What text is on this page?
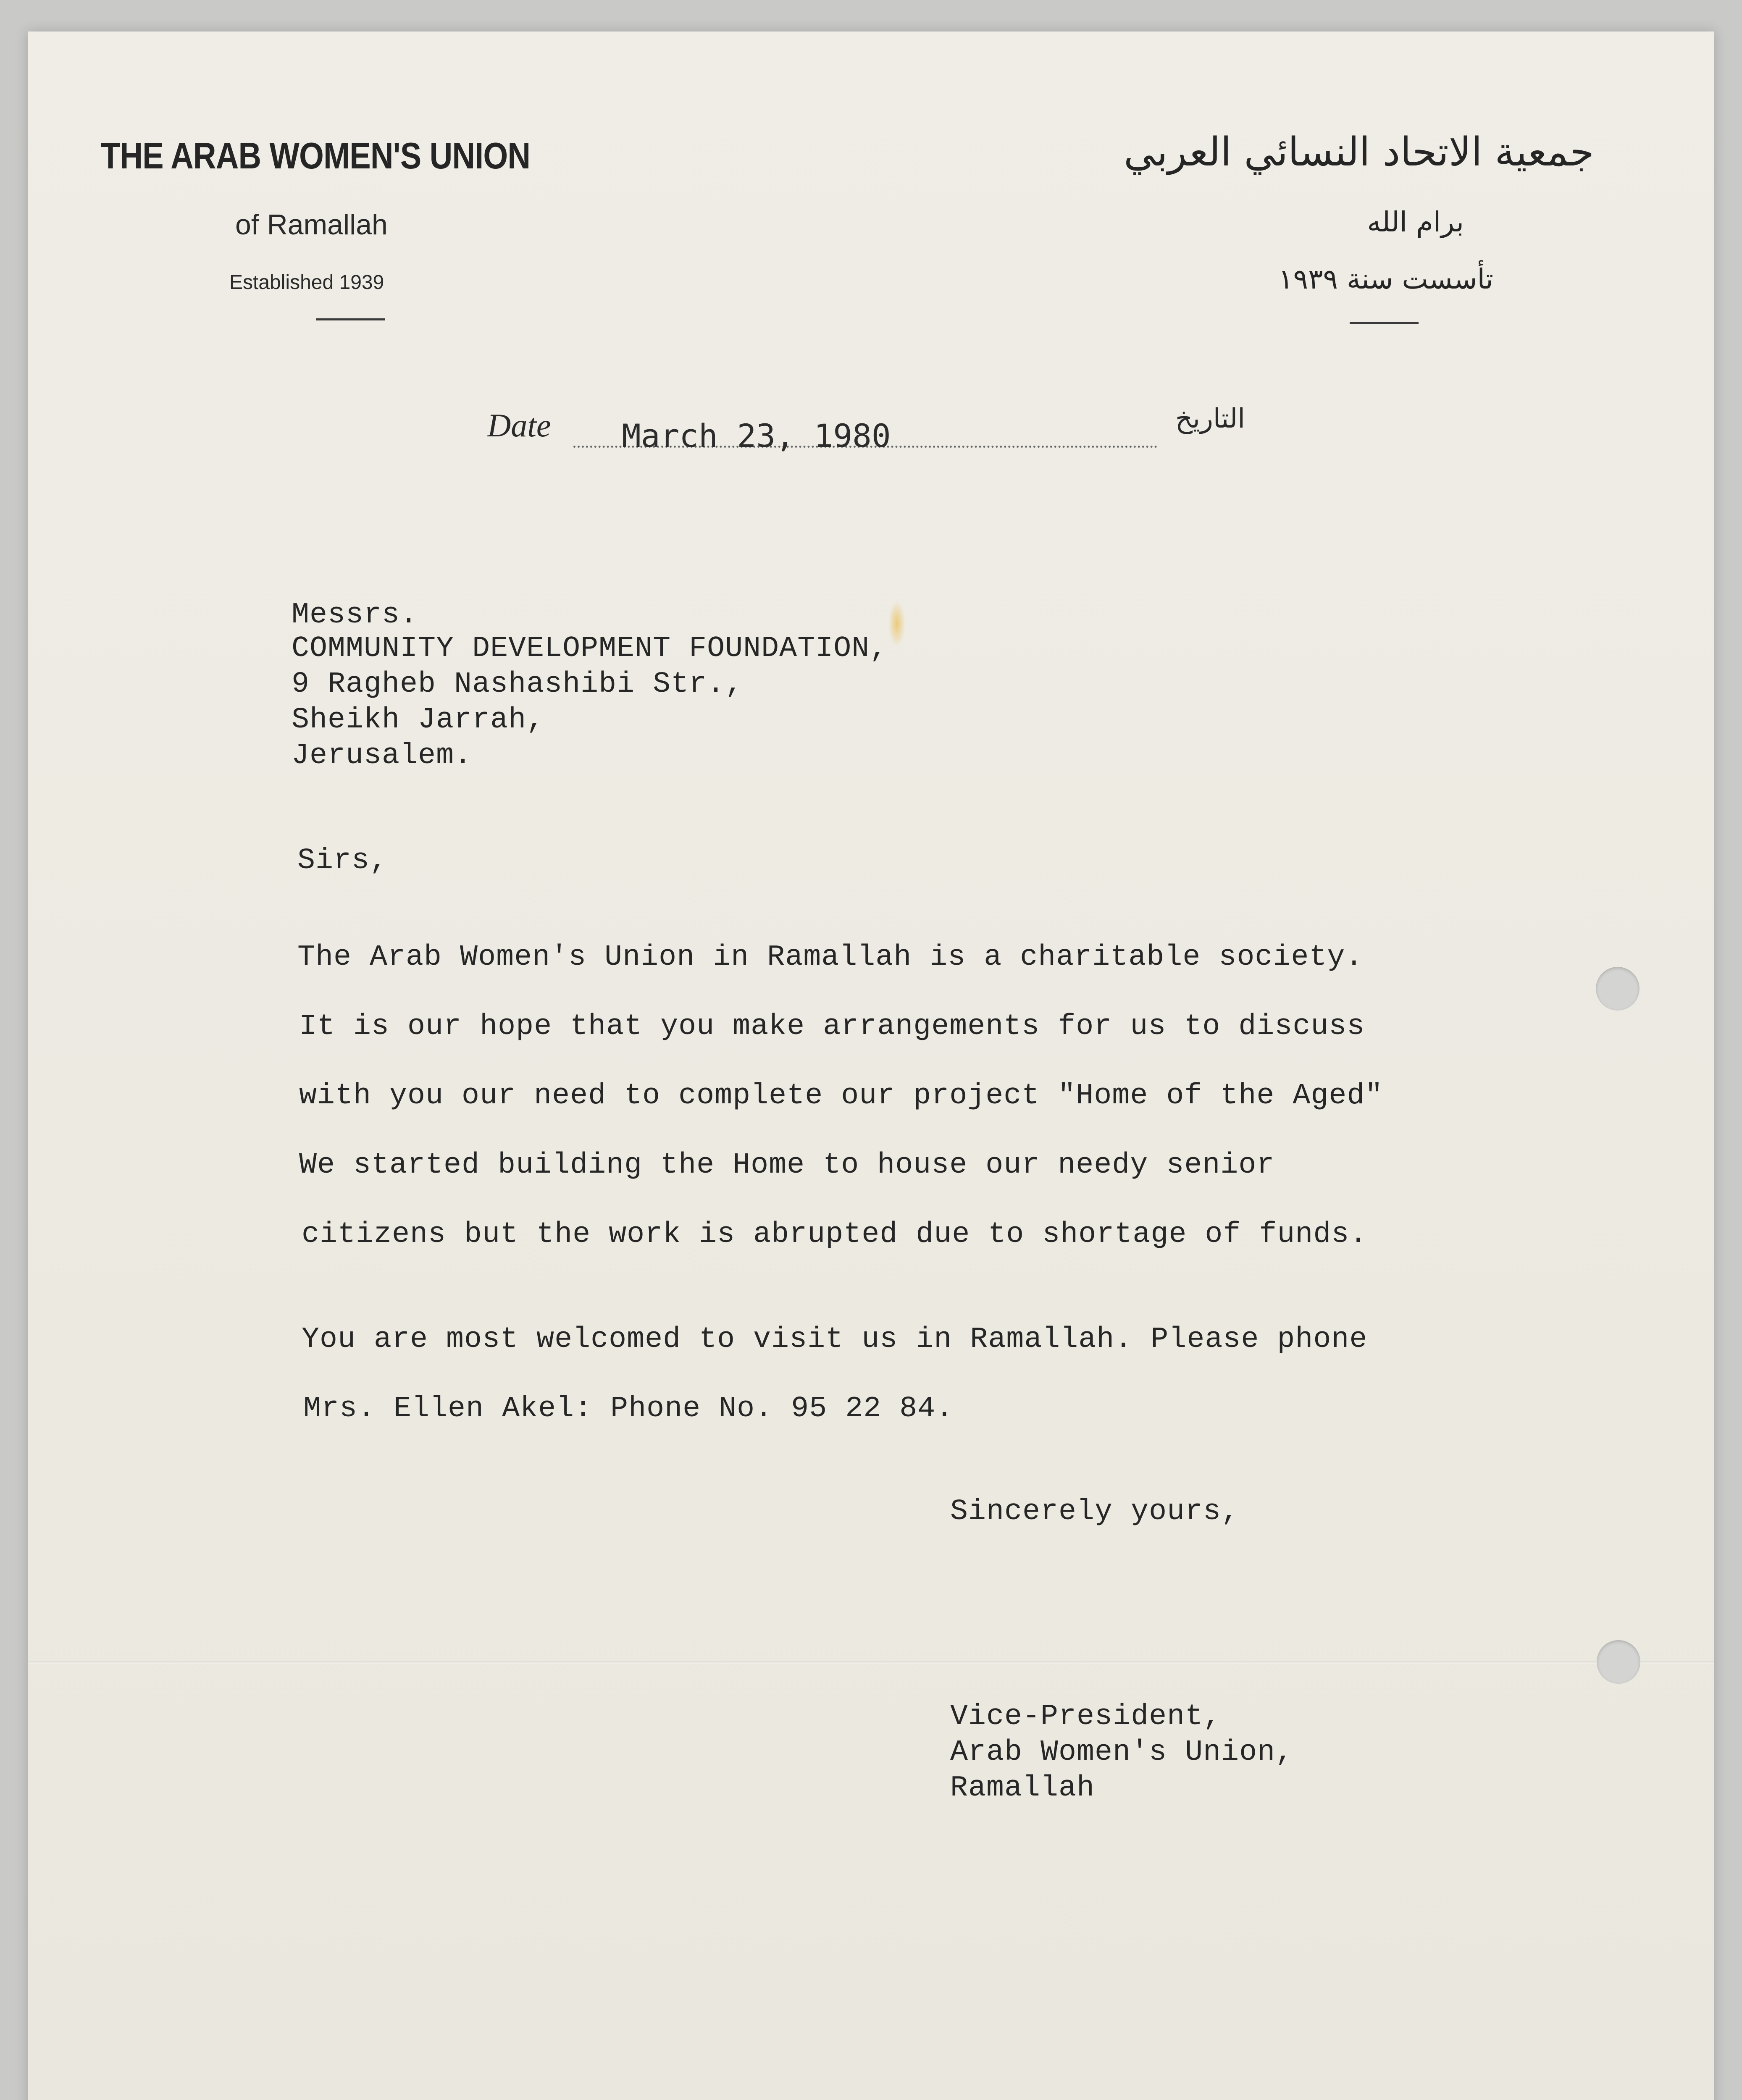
THE ARAB WOMEN'S UNION
of Ramallah
Established 1939
جمعية الاتحاد النسائي العربي
برام الله
تأسست سنة ١٩٣٩
Date March 23, 1980	التاريخ
Messrs.
COMMUNITY DEVELOPMENT FOUNDATION,
9 Ragheb Nashashibi Str.,
Sheikh Jarrah,
Jerusalem.
Sirs,
The Arab Women's Union in Ramallah is a charitable society.
It is our hope that you make arrangements for us to discuss
with you our need to complete our project "Home of the Aged"
We started building the Home to house our needy senior
citizens but the work is abrupted due to shortage of funds.
You are most welcomed to visit us in Ramallah. Please phone
Mrs. Ellen Akel: Phone No. 95 22 84.
Sincerely yours,
Vice-President,
Arab Women's Union,
Ramallah
